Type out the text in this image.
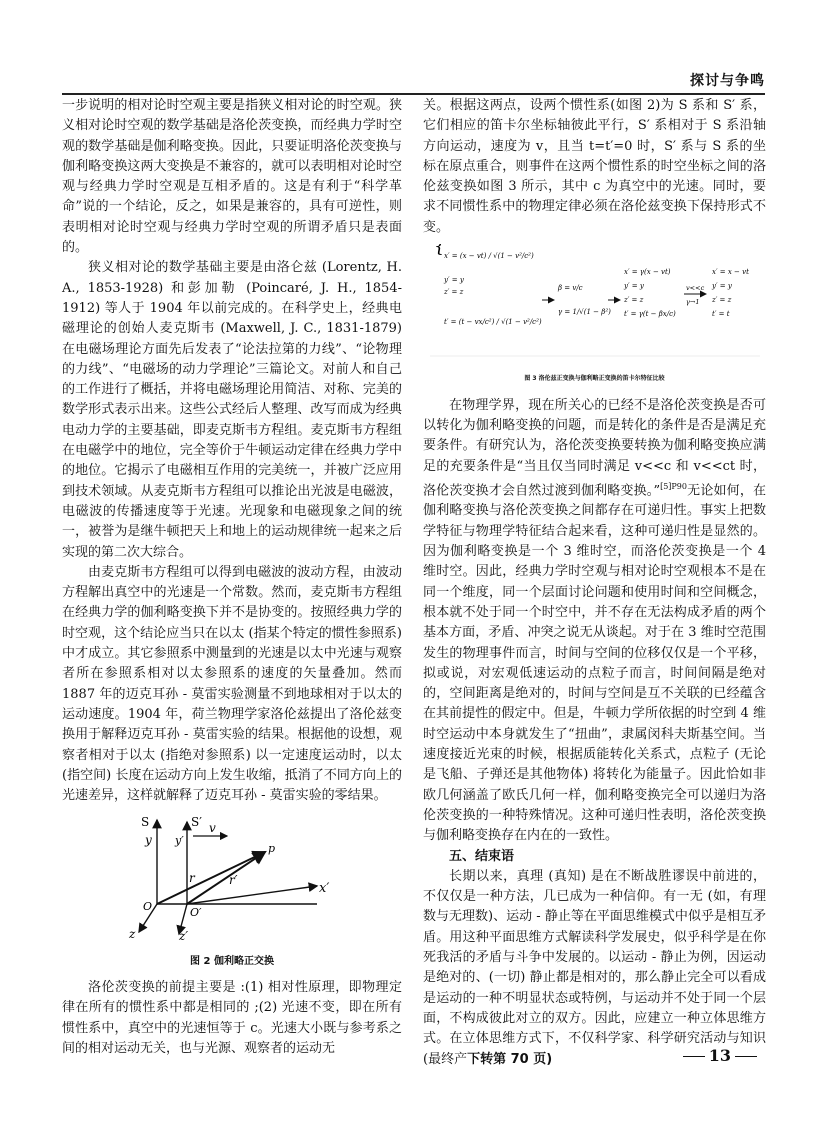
探讨与争鸣

一步说明的相对论时空观主要是指狭义相对论的时空观。狭义相对论时空观的数学基础是洛伦茨变换，而经典力学时空观的数学基础是伽利略变换。因此，只要证明洛伦茨变换与伽利略变换这两大变换是不兼容的，就可以表明相对论时空观与经典力学时空观是互相矛盾的。这是有利于“科学革命”说的一个结论，反之，如果是兼容的，具有可逆性，则表明相对论时空观与经典力学时空观的所谓矛盾只是表面的。

狭义相对论的数学基础主要是由洛仑兹 (Lorentz, H. A., 1853-1928) 和彭加勒 (Poincaré, J. H., 1854-1912) 等人于 1904 年以前完成的。在科学史上，经典电磁理论的创始人麦克斯韦 (Maxwell, J. C., 1831-1879) 在电磁场理论方面先后发表了“论法拉第的力线”、“论物理的力线”、“电磁场的动力学理论”三篇论文。对前人和自己的工作进行了概括，并将电磁场理论用简洁、对称、完美的数学形式表示出来。这些公式经后人整理、改写而成为经典电动力学的主要基础，即麦克斯韦方程组。麦克斯韦方程组在电磁学中的地位，完全等价于牛顿运动定律在经典力学中的地位。它揭示了电磁相互作用的完美统一，并被广泛应用到技术领域。从麦克斯韦方程组可以推论出光波是电磁波，电磁波的传播速度等于光速。光现象和电磁现象之间的统一，被誉为是继牛顿把天上和地上的运动规律统一起来之后实现的第二次大综合。

由麦克斯韦方程组可以得到电磁波的波动方程，由波动方程解出真空中的光速是一个常数。然而，麦克斯韦方程组在经典力学的伽利略变换下并不是协变的。按照经典力学的时空观，这个结论应当只在以太 (指某个特定的惯性参照系) 中才成立。其它参照系中测量到的光速是以太中光速与观察者所在参照系相对以太参照系的速度的矢量叠加。然而 1887 年的迈克耳孙 - 莫雷实验测量不到地球相对于以太的运动速度。1904 年，荷兰物理学家洛伦兹提出了洛伦兹变换用于解释迈克耳孙 - 莫雷实验的结果。根据他的设想，观察者相对于以太 (指绝对参照系) 以一定速度运动时，以太 (指空间) 长度在运动方向上发生收缩，抵消了不同方向上的光速差异，这样就解释了迈克耳孙 - 莫雷实验的零结果。

S
y
S′
y′
v
p
r	r′
x′
O	O′
z	z′
图 2 伽利略正交换

洛伦茨变换的前提主要是 :(1) 相对性原理，即物理定律在所有的惯性系中都是相同的 ;(2) 光速不变，即在所有惯性系中，真空中的光速恒等于 c。光速大小既与参考系之间的相对运动无关，也与光源、观察者的运动无

关。根据这两点，设两个惯性系(如图 2)为 S 系和 S′ 系，它们相应的笛卡尔坐标轴彼此平行，S′ 系相对于 S 系沿轴方向运动，速度为 v，且当 t=t′=0 时，S′ 系与 S 系的坐标在原点重合，则事件在这两个惯性系的时空坐标之间的洛伦兹变换如图 3 所示，其中 c 为真空中的光速。同时，要求不同惯性系中的物理定律必须在洛伦兹变换下保持形式不变。

{
x′ = (x − vt) / √(1 − v²/c²)
y′ = y
z′ = z
t′ = (t − vx/c²) / √(1 − v²/c²)
β = v/c
γ = 1/√(1 − β²)
x′ = γ(x − vt)
y′ = y
z′ = z
t′ = γ(t − βx/c)
v<<c
γ→1
x′ = x − vt
y′ = y
z′ = z
t′ = t
图 3 洛伦兹正变换与伽利略正变换的笛卡尔特征比较

在物理学界，现在所关心的已经不是洛伦茨变换是否可以转化为伽利略变换的问题，而是转化的条件是否是满足充要条件。有研究认为，洛伦茨变换要转换为伽利略变换应满足的充要条件是“当且仅当同时满足 v<<c 和 v<<ct 时，洛伦茨变换才会自然过渡到伽利略变换。”$^{[5]P90}$无论如何，在伽利略变换与洛伦茨变换之间都存在可递归性。事实上把数学特征与物理学特征结合起来看，这种可递归性是显然的。因为伽利略变换是一个 3 维时空，而洛伦茨变换是一个 4 维时空。因此，经典力学时空观与相对论时空观根本不是在同一个维度，同一个层面讨论问题和使用时间和空间概念，根本就不处于同一个时空中，并不存在无法构成矛盾的两个基本方面，矛盾、冲突之说无从谈起。对于在 3 维时空范围发生的物理事件而言，时间与空间的位移仅仅是一个平移，拟或说，对宏观低速运动的点粒子而言，时间间隔是绝对的，空间距离是绝对的，时间与空间是互不关联的已经蕴含在其前提性的假定中。但是，牛顿力学所依据的时空到 4 维时空运动中本身就发生了“扭曲”，隶属闵科夫斯基空间。当速度接近光束的时候，根据质能转化关系式，点粒子 (无论是飞船、子弹还是其他物体) 将转化为能量子。因此恰如非欧几何涵盖了欧氏几何一样，伽利略变换完全可以递归为洛伦茨变换的一种特殊情况。这种可递归性表明，洛伦茨变换与伽利略变换存在内在的一致性。

五、结束语

长期以来，真理 (真知) 是在不断战胜谬误中前进的，不仅仅是一种方法，几已成为一种信仰。有一无 (如，有理数与无理数)、运动 - 静止等在平面思维模式中似乎是相互矛盾。用这种平面思维方式解读科学发展史，似乎科学是在你死我活的矛盾与斗争中发展的。以运动 - 静止为例，因运动是绝对的、(一切) 静止都是相对的，那么静止完全可以看成是运动的一种不明显状态或特例，与运动并不处于同一个层面，不构成彼此对立的双方。因此，应建立一种立体思维方式。在立体思维方式下，不仅科学家、科学研究活动与知识 (最终产下转第 70 页)	13
